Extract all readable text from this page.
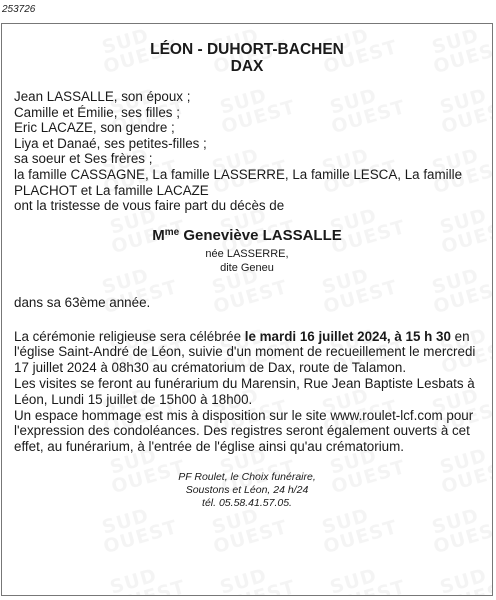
253726
LÉON - DUHORT-BACHEN
DAX
Jean LASSALLE, son époux ;
Camille et Émilie, ses filles ;
Eric LACAZE, son gendre ;
Liya et Danaé, ses petites-filles ;
sa soeur et Ses frères ;
la famille CASSAGNE, La famille LASSERRE, La famille LESCA, La famille PLACHOT et La famille LACAZE
ont la tristesse de vous faire part du décès de
$M^{me}$ Geneviève LASSALLE
née LASSERRE,
dite Geneu
dans sa 63ème année.
La cérémonie religieuse sera célébrée le mardi 16 juillet 2024, à 15 h 30 en l'église Saint-André de Léon, suivie d'un moment de recueillement le mercredi 17 juillet 2024 à 08h30 au crématorium de Dax, route de Talamon.
Les visites se feront au funérarium du Marensin, Rue Jean Baptiste Lesbats à Léon, Lundi 15 juillet de 15h00 à 18h00.
Un espace hommage est mis à disposition sur le site www.roulet-lcf.com pour l'expression des condoléances. Des registres seront également ouverts à cet effet, au funérarium, à l'entrée de l'église ainsi qu'au crématorium.
PF Roulet, le Choix funéraire,
Soustons et Léon, 24 h/24
tél. 05.58.41.57.05.
